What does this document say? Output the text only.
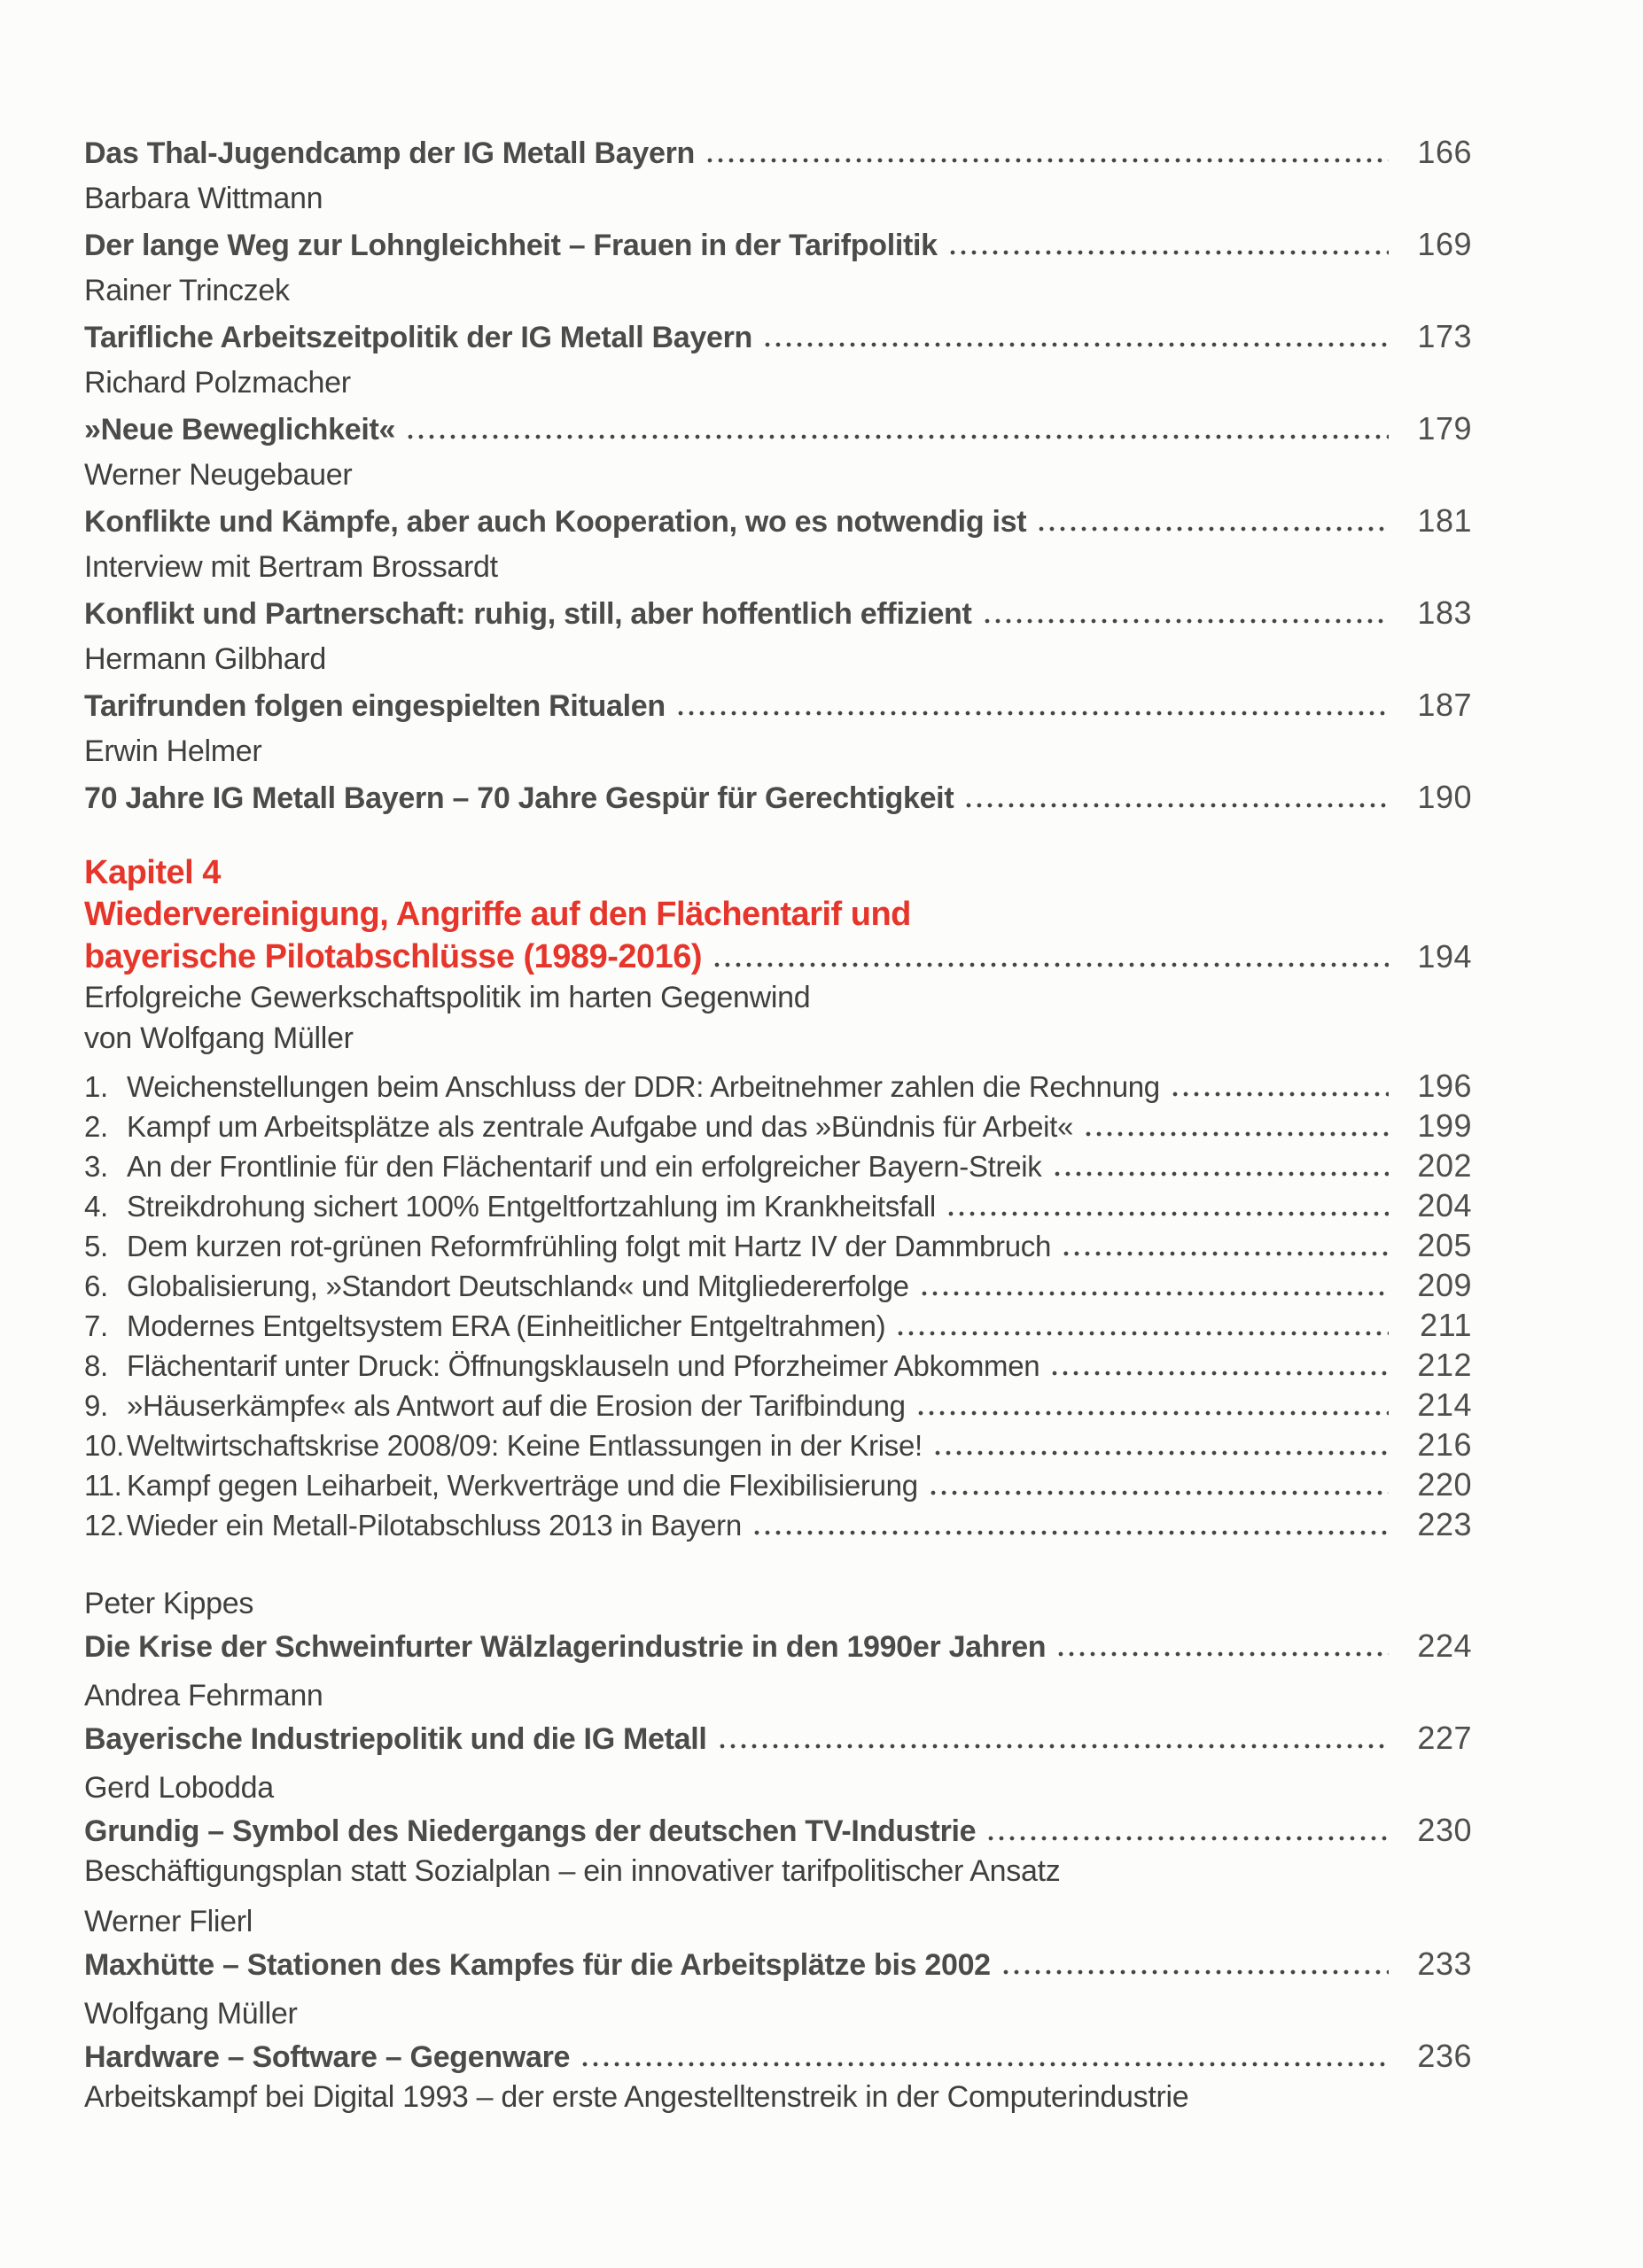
Das Thal-Jugendcamp der IG Metall Bayern	166
Barbara Wittmann
Der lange Weg zur Lohngleichheit – Frauen in der Tarifpolitik	169
Rainer Trinczek
Tarifliche Arbeitszeitpolitik der IG Metall Bayern	173
Richard Polzmacher
»Neue Beweglichkeit«	179
Werner Neugebauer
Konflikte und Kämpfe, aber auch Kooperation, wo es notwendig ist	181
Interview mit Bertram Brossardt
Konflikt und Partnerschaft: ruhig, still, aber hoffentlich effizient	183
Hermann Gilbhard
Tarifrunden folgen eingespielten Ritualen	187
Erwin Helmer
70 Jahre IG Metall Bayern – 70 Jahre Gespür für Gerechtigkeit	190
Kapitel 4
Wiedervereinigung, Angriffe auf den Flächentarif und
bayerische Pilotabschlüsse (1989-2016)	194
Erfolgreiche Gewerkschaftspolitik im harten Gegenwind
von Wolfgang Müller
1. Weichenstellungen beim Anschluss der DDR: Arbeitnehmer zahlen die Rechnung	196
2. Kampf um Arbeitsplätze als zentrale Aufgabe und das »Bündnis für Arbeit«	199
3. An der Frontlinie für den Flächentarif und ein erfolgreicher Bayern-Streik	202
4. Streikdrohung sichert 100% Entgeltfortzahlung im Krankheitsfall	204
5. Dem kurzen rot-grünen Reformfrühling folgt mit Hartz IV der Dammbruch	205
6. Globalisierung, »Standort Deutschland« und Mitgliedererfolge	209
7. Modernes Entgeltsystem ERA (Einheitlicher Entgeltrahmen)	211
8. Flächentarif unter Druck: Öffnungsklauseln und Pforzheimer Abkommen	212
9. »Häuserkämpfe« als Antwort auf die Erosion der Tarifbindung	214
10. Weltwirtschaftskrise 2008/09: Keine Entlassungen in der Krise!	216
11. Kampf gegen Leiharbeit, Werkverträge und die Flexibilisierung	220
12. Wieder ein Metall-Pilotabschluss 2013 in Bayern	223
Peter Kippes
Die Krise der Schweinfurter Wälzlagerindustrie in den 1990er Jahren	224
Andrea Fehrmann
Bayerische Industriepolitik und die IG Metall	227
Gerd Lobodda
Grundig – Symbol des Niedergangs der deutschen TV-Industrie	230
Beschäftigungsplan statt Sozialplan – ein innovativer tarifpolitischer Ansatz
Werner Flierl
Maxhütte – Stationen des Kampfes für die Arbeitsplätze bis 2002	233
Wolfgang Müller
Hardware – Software – Gegenware	236
Arbeitskampf bei Digital 1993 – der erste Angestelltenstreik in der Computerindustrie
